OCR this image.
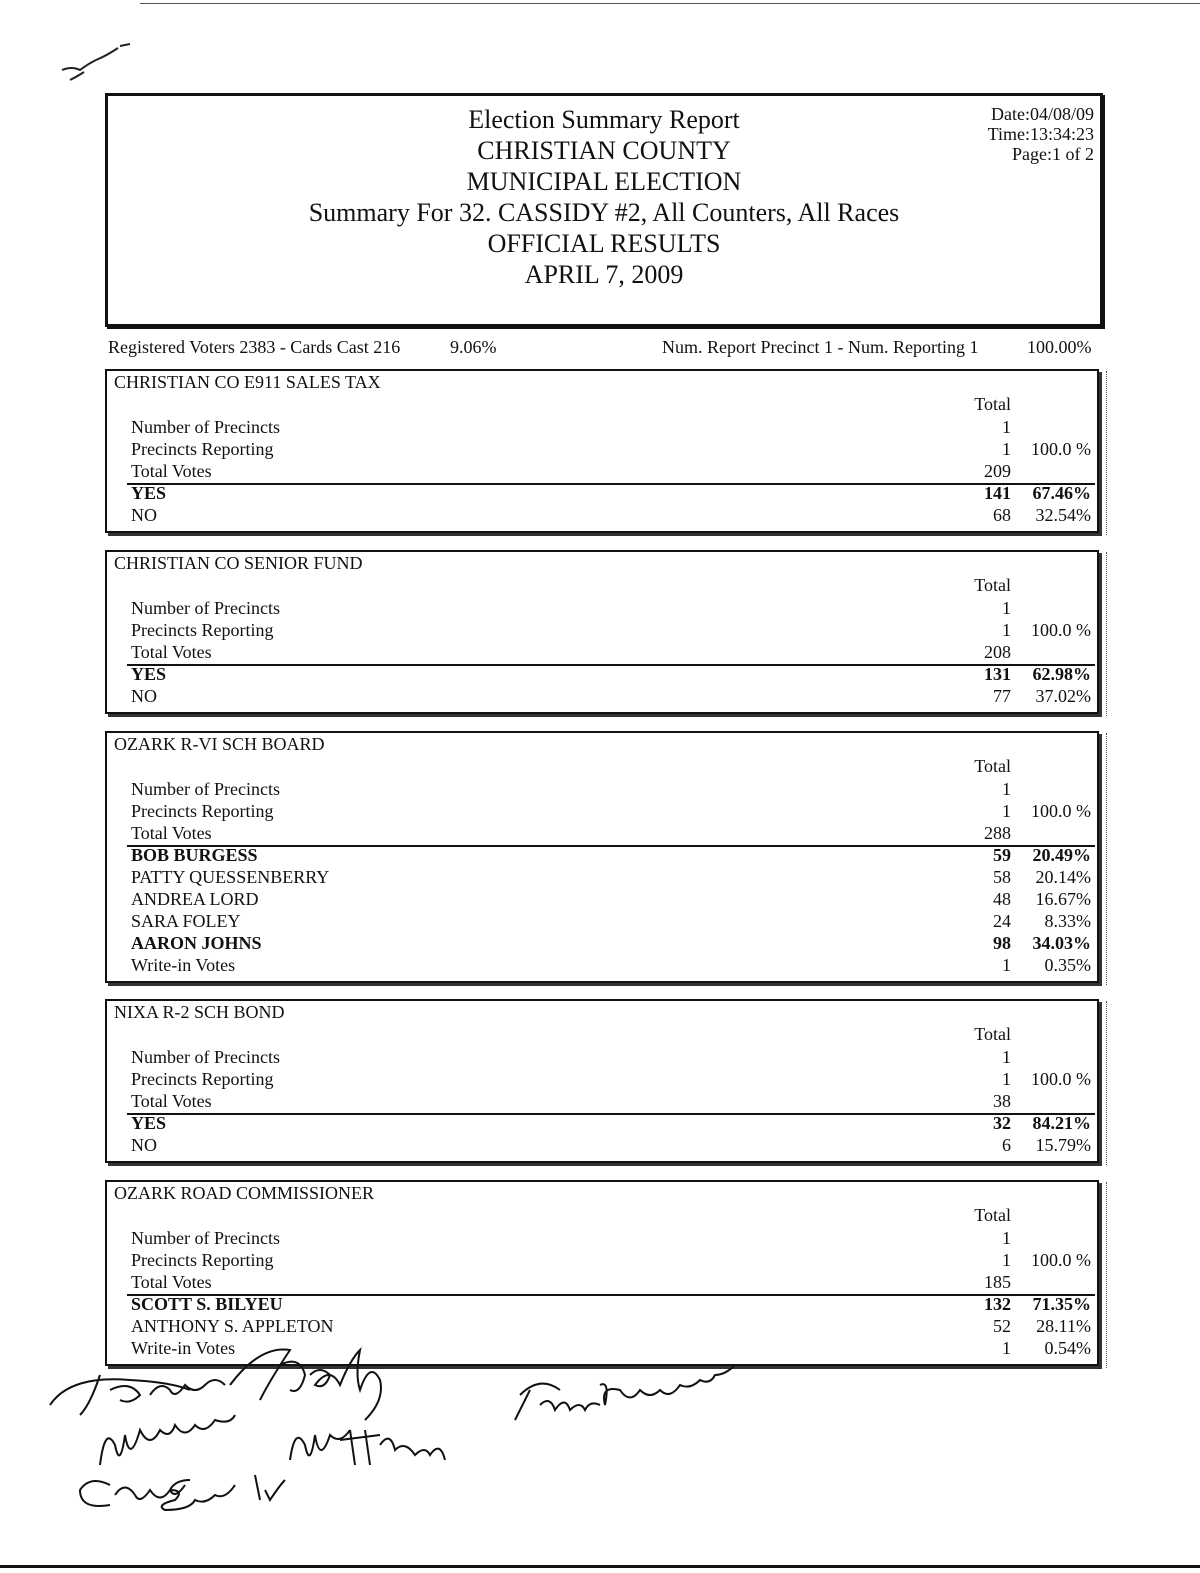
Election Summary Report
CHRISTIAN COUNTY
MUNICIPAL ELECTION
Summary For 32. CASSIDY #2, All Counters, All Races
OFFICIAL RESULTS
APRIL 7, 2009
Date:04/08/09
Time:13:34:23
Page:1 of 2
Registered Voters 2383 - Cards Cast 216	9.06%	Num. Report Precinct 1 - Num. Reporting 1	100.00%
CHRISTIAN CO E911 SALES TAX
Total
Number of Precincts	1
Precincts Reporting	1	100.0 %
Total Votes	209
YES	141	67.46%
NO	68	32.54%
CHRISTIAN CO SENIOR FUND
Total
Number of Precincts	1
Precincts Reporting	1	100.0 %
Total Votes	208
YES	131	62.98%
NO	77	37.02%
OZARK R-VI SCH BOARD
Total
Number of Precincts	1
Precincts Reporting	1	100.0 %
Total Votes	288
BOB BURGESS	59	20.49%
PATTY QUESSENBERRY	58	20.14%
ANDREA LORD	48	16.67%
SARA FOLEY	24	8.33%
AARON JOHNS	98	34.03%
Write-in Votes	1	0.35%
NIXA R-2 SCH BOND
Total
Number of Precincts	1
Precincts Reporting	1	100.0 %
Total Votes	38
YES	32	84.21%
NO	6	15.79%
OZARK ROAD COMMISSIONER
Total
Number of Precincts	1
Precincts Reporting	1	100.0 %
Total Votes	185
SCOTT S. BILYEU	132	71.35%
ANTHONY S. APPLETON	52	28.11%
Write-in Votes	1	0.54%
